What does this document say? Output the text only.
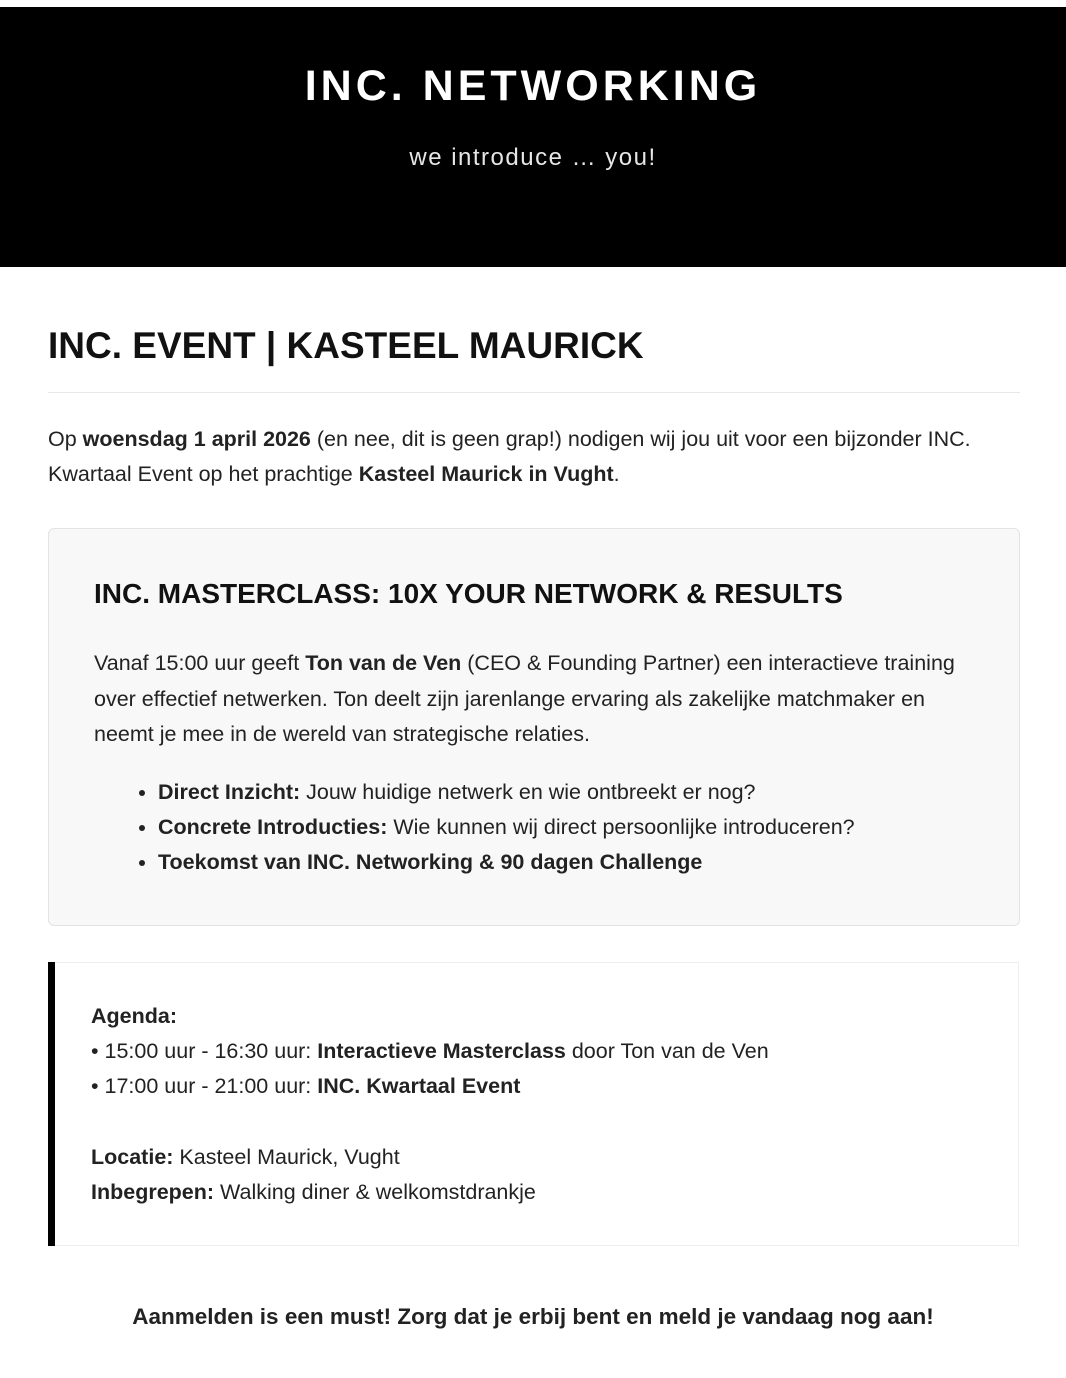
INC. NETWORKING
we introduce … you!
INC. EVENT | KASTEEL MAURICK

Op woensdag 1 april 2026 (en nee, dit is geen grap!) nodigen wij jou uit voor een bijzonder INC. Kwartaal Event op het prachtige Kasteel Maurick in Vught.

INC. MASTERCLASS: 10X YOUR NETWORK & RESULTS

Vanaf 15:00 uur geeft Ton van de Ven (CEO & Founding Partner) een interactieve training over effectief netwerken. Ton deelt zijn jarenlange ervaring als zakelijke matchmaker en neemt je mee in de wereld van strategische relaties.

• Direct Inzicht: Jouw huidige netwerk en wie ontbreekt er nog?
• Concrete Introducties: Wie kunnen wij direct persoonlijke introduceren?
• Toekomst van INC. Networking & 90 dagen Challenge
Agenda:
• 15:00 uur - 16:30 uur: Interactieve Masterclass door Ton van de Ven
• 17:00 uur - 21:00 uur: INC. Kwartaal Event
Locatie: Kasteel Maurick, Vught
Inbegrepen: Walking diner & welkomstdrankje

Aanmelden is een must! Zorg dat je erbij bent en meld je vandaag nog aan!
